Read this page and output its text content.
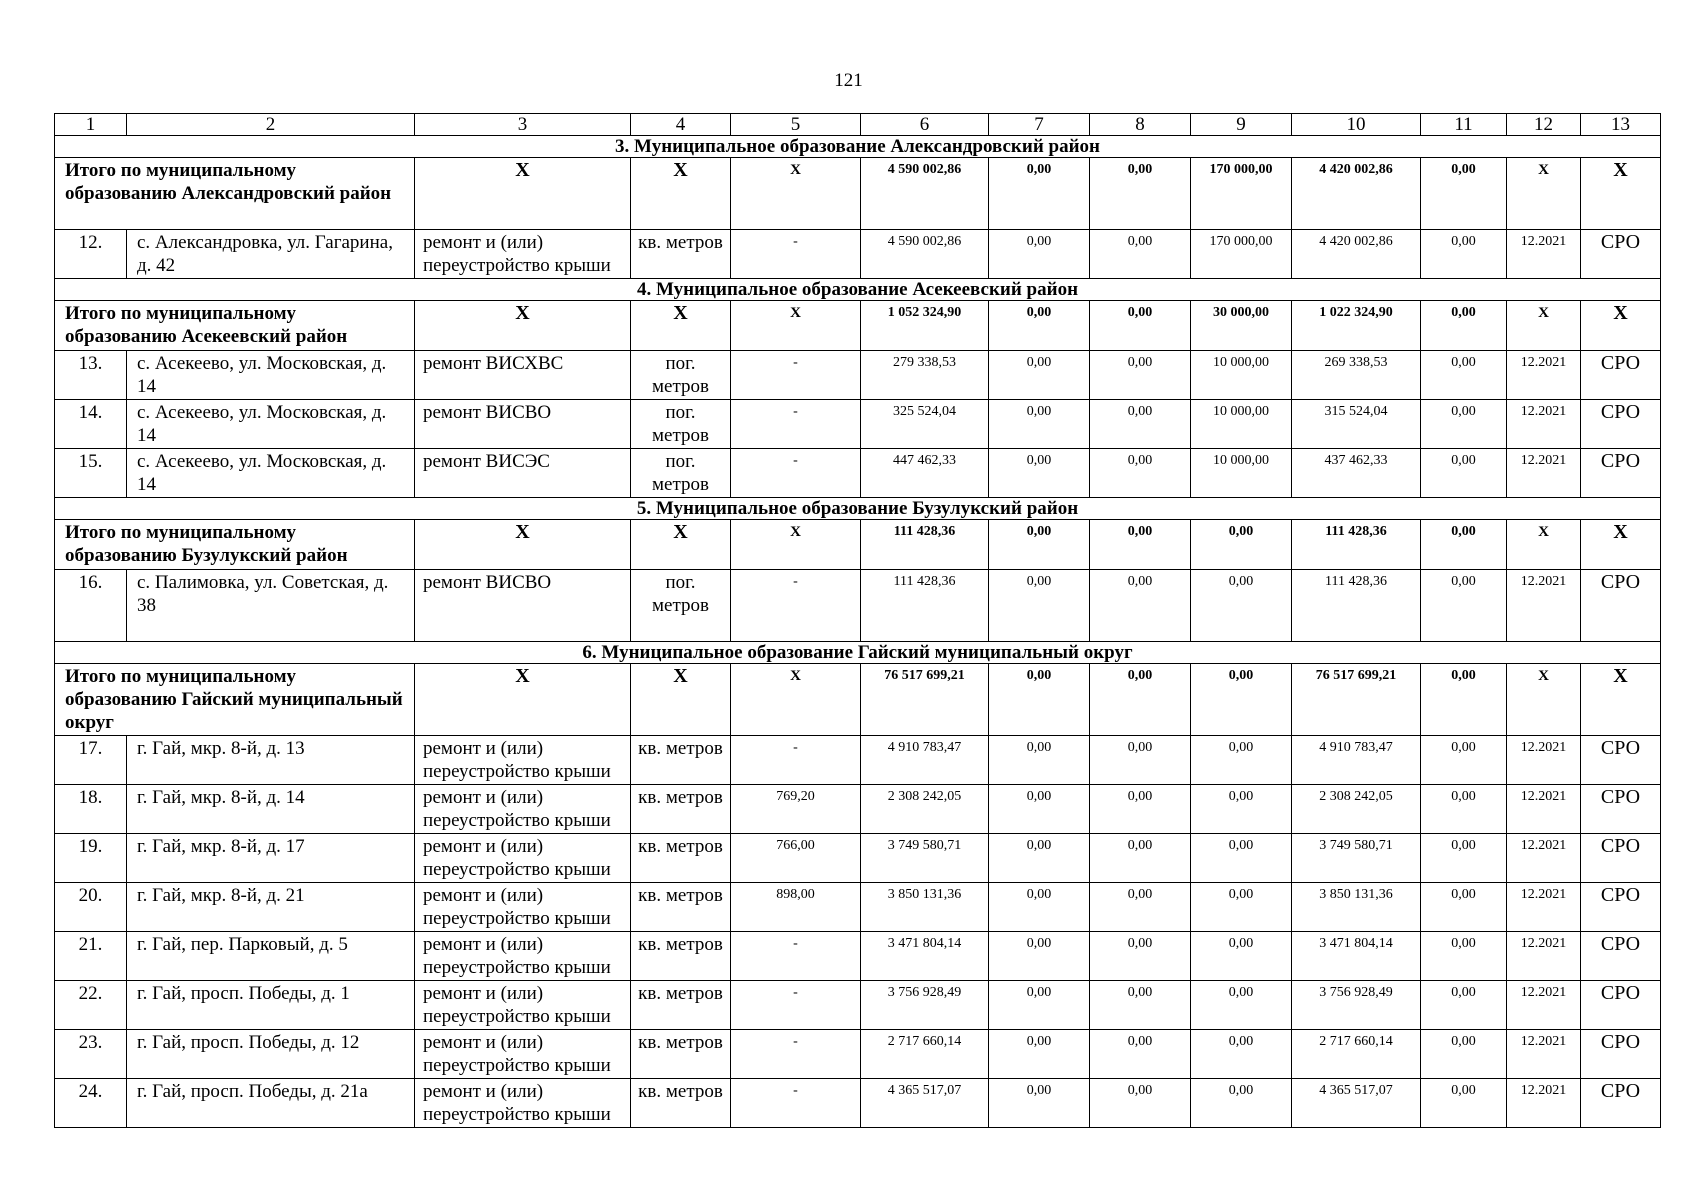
121
1	2	3	4	5	6	7	8	9	10	11	12	13
3. Муниципальное образование Александровский район												
Итого по муниципальному образованию Александровский район		Х	Х	Х	4 590 002,86	0,00	0,00	170 000,00	4 420 002,86	0,00	Х	Х
12.	с. Александровка, ул. Гагарина, д. 42	ремонт и (или) переустройство крыши	кв. метров	-	4 590 002,86	0,00	0,00	170 000,00	4 420 002,86	0,00	12.2021	СРО
4. Муниципальное образование Асекеевский район												
Итого по муниципальному образованию Асекеевский район		Х	Х	Х	1 052 324,90	0,00	0,00	30 000,00	1 022 324,90	0,00	Х	Х
13.	с. Асекеево, ул. Московская, д. 14	ремонт ВИСХВС	пог. метров	-	279 338,53	0,00	0,00	10 000,00	269 338,53	0,00	12.2021	СРО
14.	с. Асекеево, ул. Московская, д. 14	ремонт ВИСВО	пог. метров	-	325 524,04	0,00	0,00	10 000,00	315 524,04	0,00	12.2021	СРО
15.	с. Асекеево, ул. Московская, д. 14	ремонт ВИСЭС	пог. метров	-	447 462,33	0,00	0,00	10 000,00	437 462,33	0,00	12.2021	СРО
5. Муниципальное образование Бузулукский район												
Итого по муниципальному образованию Бузулукский район		Х	Х	Х	111 428,36	0,00	0,00	0,00	111 428,36	0,00	Х	Х
16.	с. Палимовка, ул. Советская, д. 38	ремонт ВИСВО	пог. метров	-	111 428,36	0,00	0,00	0,00	111 428,36	0,00	12.2021	СРО
6. Муниципальное образование Гайский муниципальный округ												
Итого по муниципальному образованию Гайский муниципальный округ		Х	Х	Х	76 517 699,21	0,00	0,00	0,00	76 517 699,21	0,00	Х	Х
17.	г. Гай, мкр. 8-й, д. 13	ремонт и (или) переустройство крыши	кв. метров	-	4 910 783,47	0,00	0,00	0,00	4 910 783,47	0,00	12.2021	СРО
18.	г. Гай, мкр. 8-й, д. 14	ремонт и (или) переустройство крыши	кв. метров	769,20	2 308 242,05	0,00	0,00	0,00	2 308 242,05	0,00	12.2021	СРО
19.	г. Гай, мкр. 8-й, д. 17	ремонт и (или) переустройство крыши	кв. метров	766,00	3 749 580,71	0,00	0,00	0,00	3 749 580,71	0,00	12.2021	СРО
20.	г. Гай, мкр. 8-й, д. 21	ремонт и (или) переустройство крыши	кв. метров	898,00	3 850 131,36	0,00	0,00	0,00	3 850 131,36	0,00	12.2021	СРО
21.	г. Гай, пер. Парковый, д. 5	ремонт и (или) переустройство крыши	кв. метров	-	3 471 804,14	0,00	0,00	0,00	3 471 804,14	0,00	12.2021	СРО
22.	г. Гай, просп. Победы, д. 1	ремонт и (или) переустройство крыши	кв. метров	-	3 756 928,49	0,00	0,00	0,00	3 756 928,49	0,00	12.2021	СРО
23.	г. Гай, просп. Победы, д. 12	ремонт и (или) переустройство крыши	кв. метров	-	2 717 660,14	0,00	0,00	0,00	2 717 660,14	0,00	12.2021	СРО
24.	г. Гай, просп. Победы, д. 21а	ремонт и (или) переустройство крыши	кв. метров	-	4 365 517,07	0,00	0,00	0,00	4 365 517,07	0,00	12.2021	СРО
